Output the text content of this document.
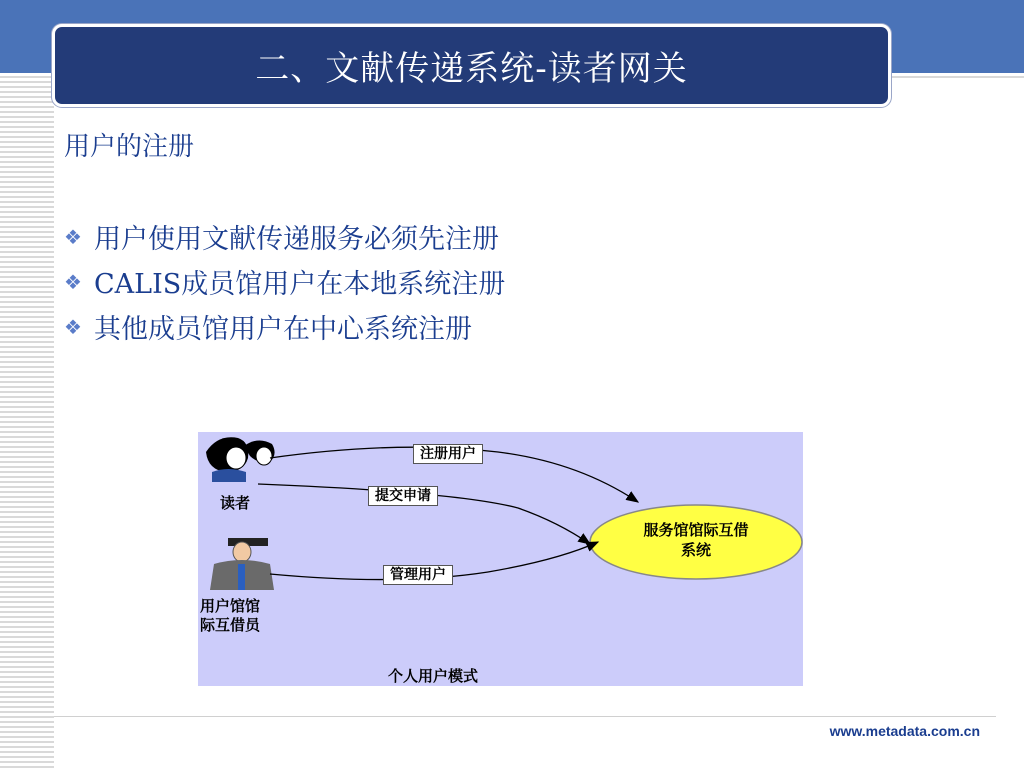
二、文献传递系统-读者网关
用户的注册
❖ 用户使用文献传递服务必须先注册
❖ CALIS成员馆用户在本地系统注册
❖ 其他成员馆用户在中心系统注册
注册用户
提交申请
管理用户
读者
用户馆馆
际互借员
服务馆馆际互借
系统
个人用户模式
www.metadata.com.cn
